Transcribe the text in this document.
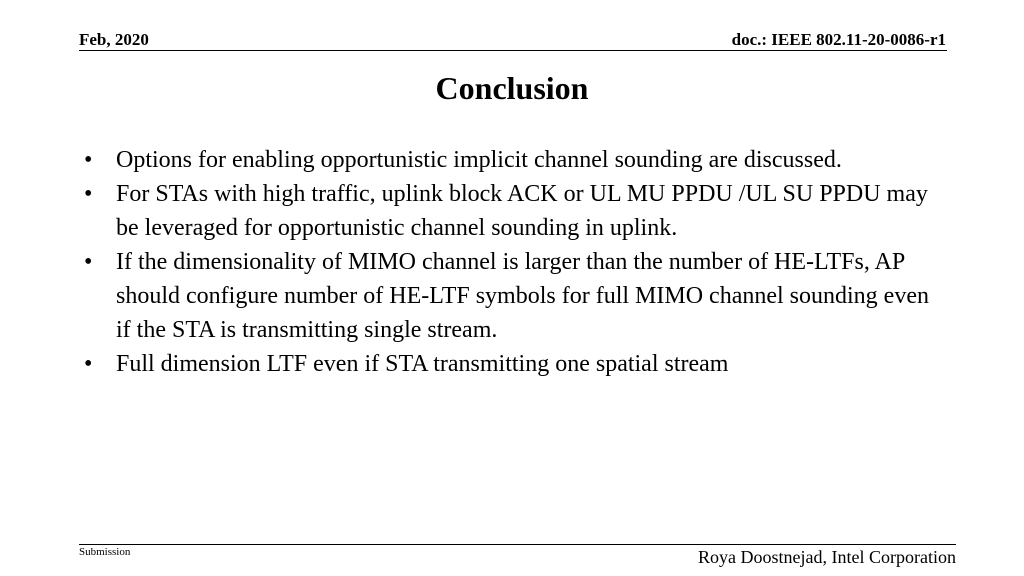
Feb, 2020	doc.: IEEE 802.11-20-0086-r1
Conclusion
• Options for enabling opportunistic implicit channel sounding are discussed.
• For STAs with high traffic, uplink block ACK or UL MU PPDU /UL SU PPDU may be leveraged for opportunistic channel sounding in uplink.
• If the dimensionality of MIMO channel is larger than the number of HE-LTFs, AP should configure number of HE-LTF symbols for full MIMO channel sounding even if the STA is transmitting single stream.
• Full dimension LTF even if STA transmitting one spatial stream
Submission	Roya Doostnejad, Intel Corporation
